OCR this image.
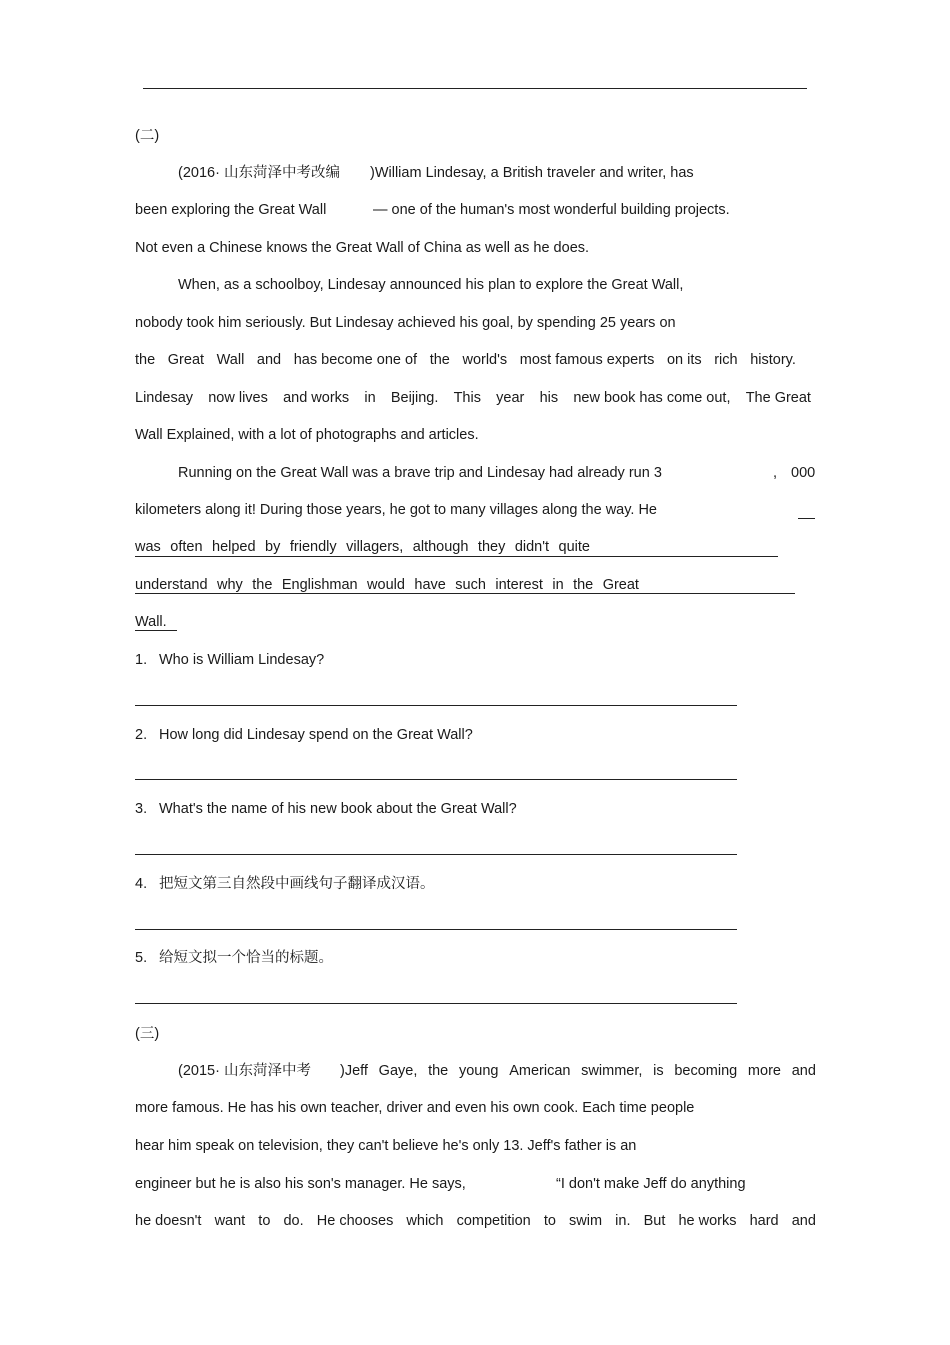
(二)
(2016· 山东菏泽中考改编 )William Lindesay, a British traveler and writer, has
been exploring the Great Wall	— one of the human's most wonderful building projects.
Not even a Chinese knows the Great Wall of China as well as he does.
When, as a schoolboy, Lindesay announced his plan to explore the Great Wall,
nobody took him seriously. But Lindesay achieved his goal, by spending 25 years on
the Great Wall and has become one of the world's most famous experts on its rich history.
Lindesay now lives and works in Beijing. This year his new book has come out, The Great
Wall Explained, with a lot of photographs and articles.
Running on the Great Wall was a brave trip and Lindesay had already run 3	, 000
kilometers along it! During those years, he got to many villages along the way. He
was often helped by friendly villagers, although they didn't quite
understand why the Englishman would have such interest in the Great
Wall.
1. Who is William Lindesay?
2. How long did Lindesay spend on the Great Wall?
3. What's the name of his new book about the Great Wall?
4. 把短文第三自然段中画线句子翻译成汉语。
5. 给短文拟一个恰当的标题。
(三)
(2015· 山东菏泽中考 )Jeff Gaye, the young American swimmer, is becoming more and
more famous. He has his own teacher, driver and even his own cook. Each time people
hear him speak on television, they can't believe he's only 13. Jeff's father is an
engineer but he is also his son's manager. He says,	“I don't make Jeff do anything
he doesn't want to do. He chooses which competition to swim in. But he works hard and
